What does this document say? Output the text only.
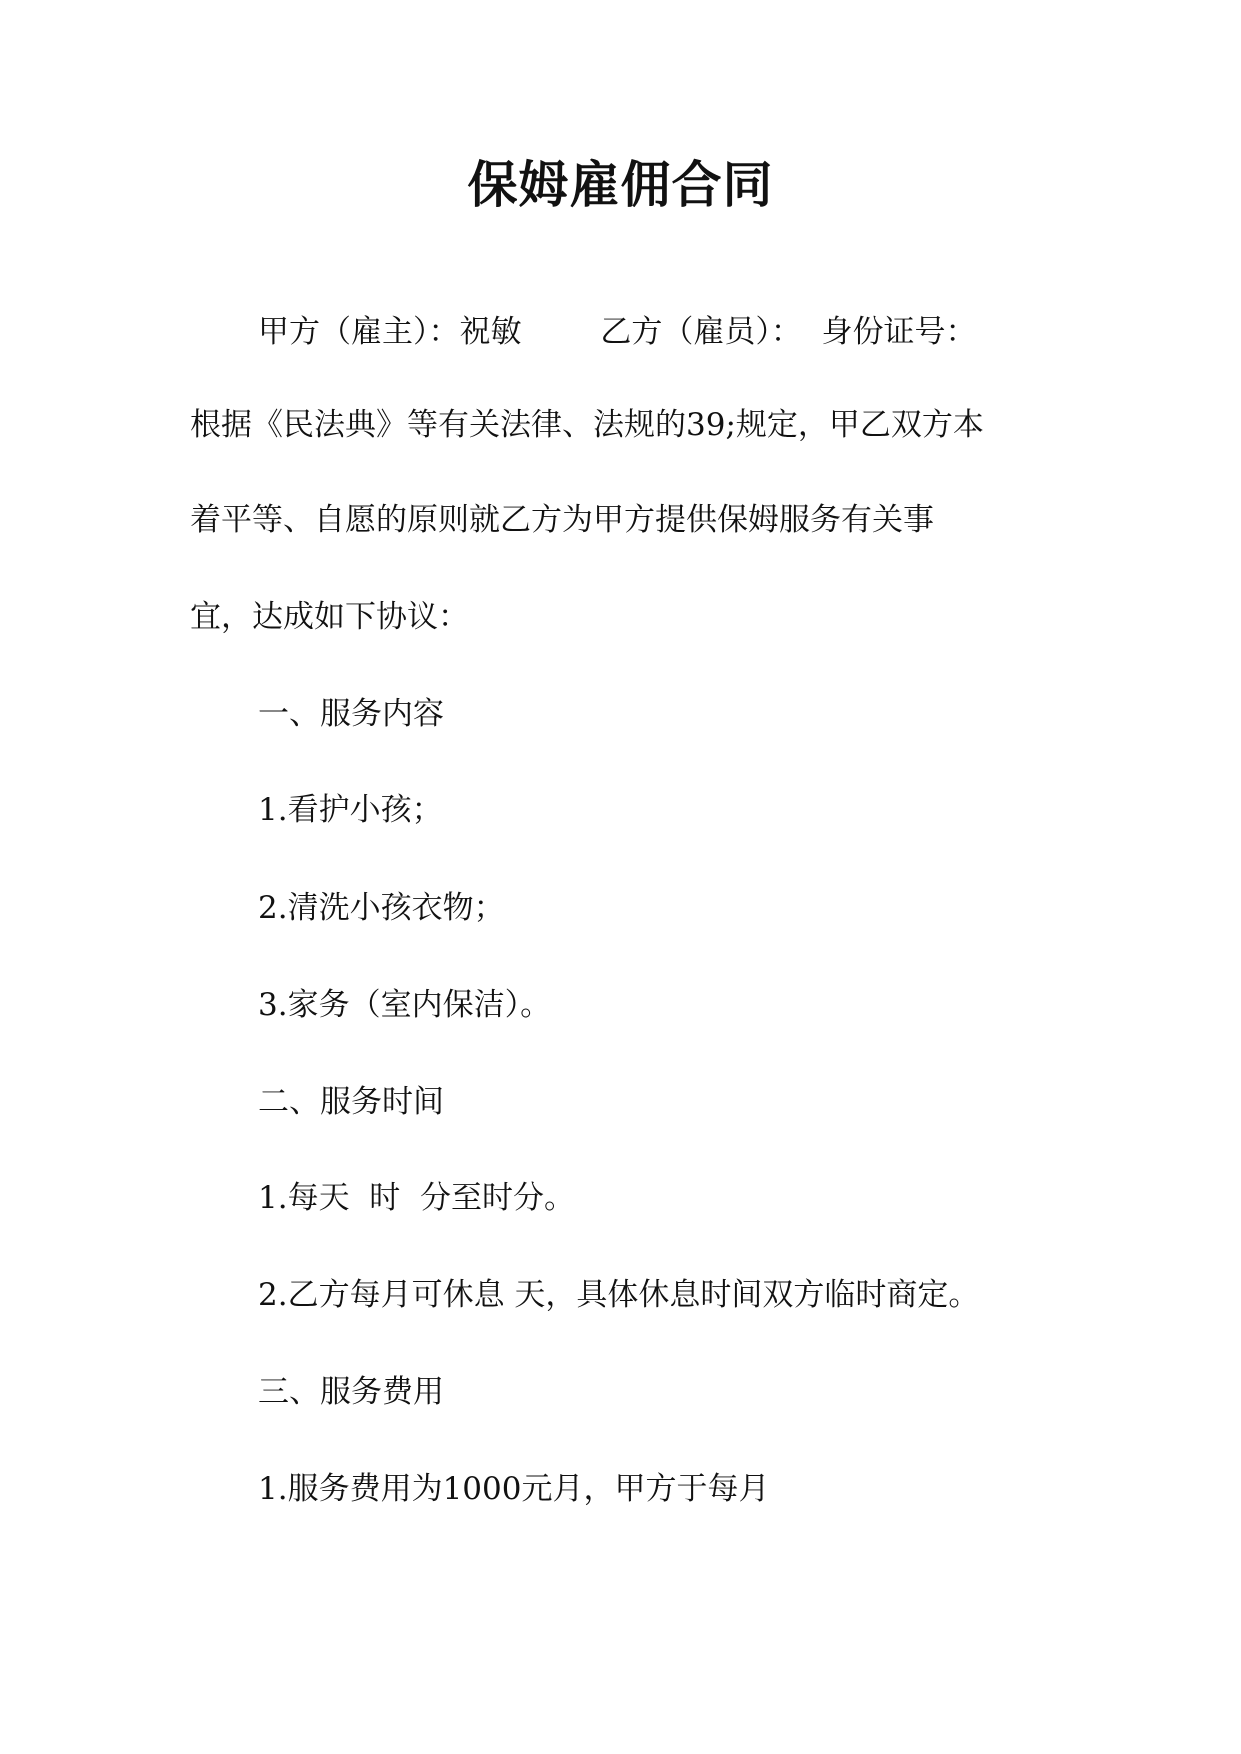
保姆雇佣合同
甲方（雇主）：祝敏        乙方（雇员）：  身份证号：
根据《民法典》等有关法律、法规的39;规定，甲乙双方本
着平等、自愿的原则就乙方为甲方提供保姆服务有关事
宜，达成如下协议：
一、服务内容
1.看护小孩；
2.清洗小孩衣物；
3.家务（室内保洁）。
二、服务时间
1.每天  时  分至时分。
2.乙方每月可休息 天，具体休息时间双方临时商定。
三、服务费用
1.服务费用为1000元月，甲方于每月
